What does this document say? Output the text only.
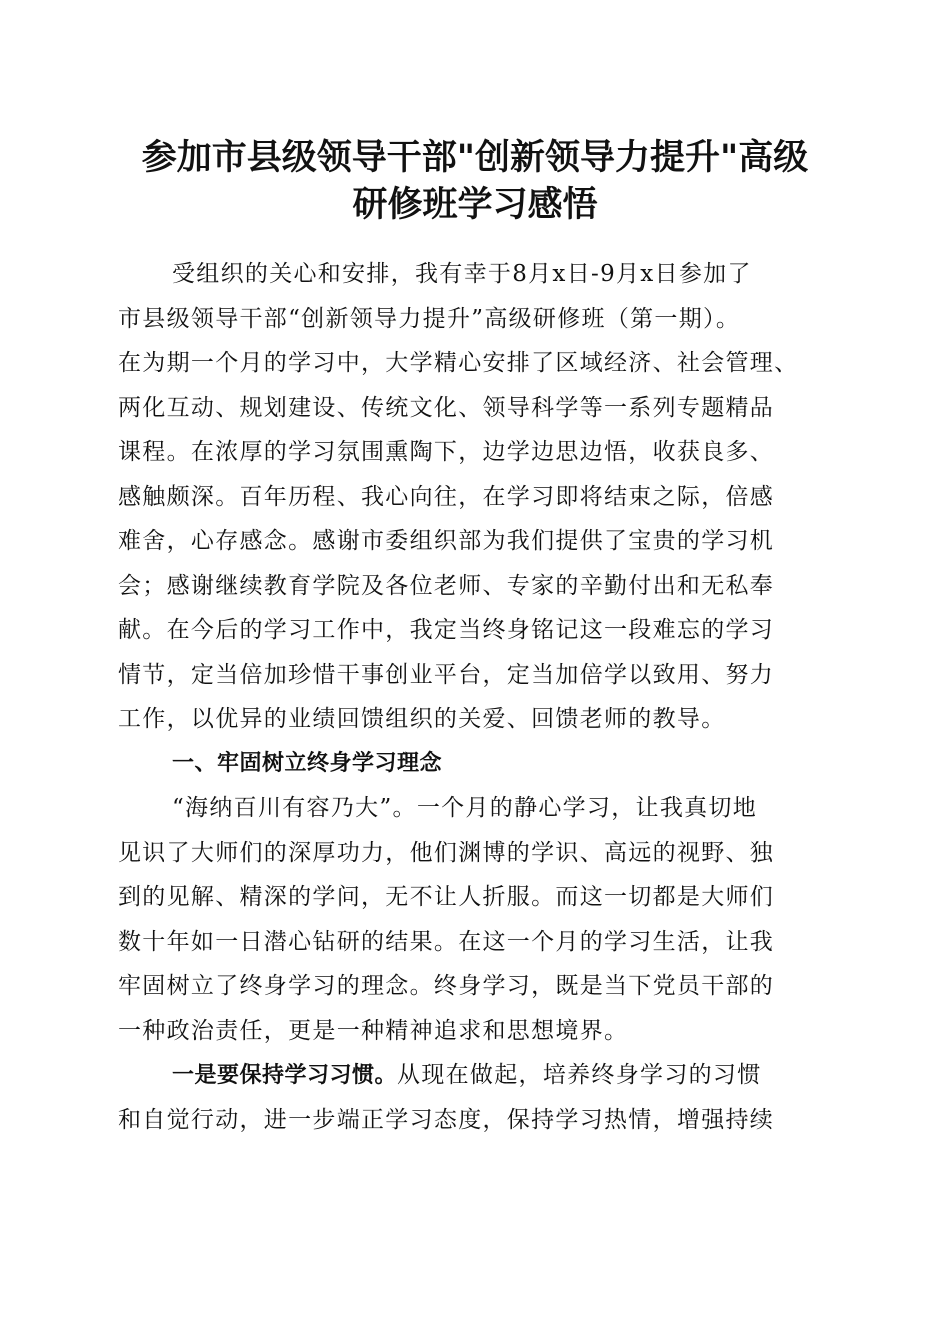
参加市县级领导干部"创新领导力提升"高级
研修班学习感悟
受组织的关心和安排，我有幸于8月x日-9月x日参加了
市县级领导干部“创新领导力提升”高级研修班（第一期）。
在为期一个月的学习中，大学精心安排了区域经济、社会管理、
两化互动、规划建设、传统文化、领导科学等一系列专题精品
课程。在浓厚的学习氛围熏陶下，边学边思边悟，收获良多、
感触颇深。百年历程、我心向往，在学习即将结束之际，倍感
难舍，心存感念。感谢市委组织部为我们提供了宝贵的学习机
会；感谢继续教育学院及各位老师、专家的辛勤付出和无私奉
献。在今后的学习工作中，我定当终身铭记这一段难忘的学习
情节，定当倍加珍惜干事创业平台，定当加倍学以致用、努力
工作，以优异的业绩回馈组织的关爱、回馈老师的教导。
一、牢固树立终身学习理念
“海纳百川有容乃大”。一个月的静心学习，让我真切地
见识了大师们的深厚功力，他们渊博的学识、高远的视野、独
到的见解、精深的学问，无不让人折服。而这一切都是大师们
数十年如一日潜心钻研的结果。在这一个月的学习生活，让我
牢固树立了终身学习的理念。终身学习，既是当下党员干部的
一种政治责任，更是一种精神追求和思想境界。
一是要保持学习习惯。从现在做起，培养终身学习的习惯
和自觉行动，进一步端正学习态度，保持学习热情，增强持续
